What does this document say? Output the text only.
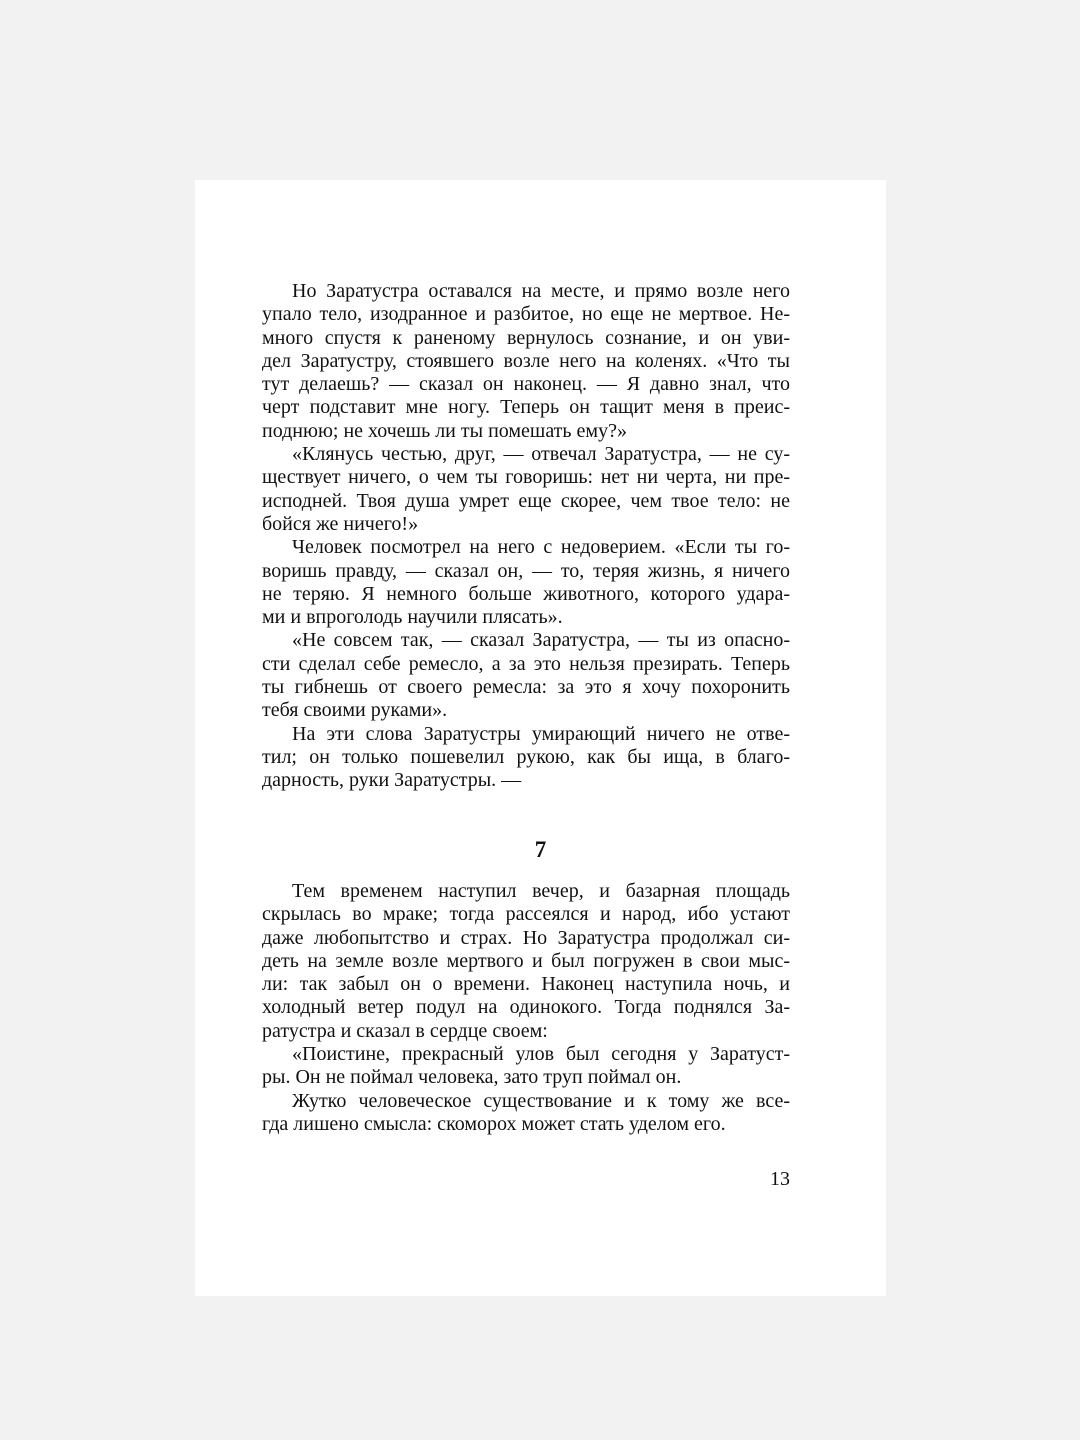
Но Заратустра оставался на месте, и прямо возле него
упало тело, изодранное и разбитое, но еще не мертвое. Не-
много спустя к раненому вернулось сознание, и он уви-
дел Заратустру, стоявшего возле него на коленях. «Что ты
тут делаешь? — сказал он наконец. — Я давно знал, что
черт подставит мне ногу. Теперь он тащит меня в преис-
поднюю; не хочешь ли ты помешать ему?»
«Клянусь честью, друг, — отвечал Заратустра, — не су-
ществует ничего, о чем ты говоришь: нет ни черта, ни пре-
исподней. Твоя душа умрет еще скорее, чем твое тело: не
бойся же ничего!»
Человек посмотрел на него с недоверием. «Если ты го-
воришь правду, — сказал он, — то, теряя жизнь, я ничего
не теряю. Я немного больше животного, которого удара-
ми и впроголодь научили плясать».
«Не совсем так, — сказал Заратустра, — ты из опасно-
сти сделал себе ремесло, а за это нельзя презирать. Теперь
ты гибнешь от своего ремесла: за это я хочу похоронить
тебя своими руками».
На эти слова Заратустры умирающий ничего не отве-
тил; он только пошевелил рукою, как бы ища, в благо-
дарность, руки Заратустры. —
7
Тем временем наступил вечер, и базарная площадь
скрылась во мраке; тогда рассеялся и народ, ибо устают
даже любопытство и страх. Но Заратустра продолжал си-
деть на земле возле мертвого и был погружен в свои мыс-
ли: так забыл он о времени. Наконец наступила ночь, и
холодный ветер подул на одинокого. Тогда поднялся За-
ратустра и сказал в сердце своем:
«Поистине, прекрасный улов был сегодня у Заратуст-
ры. Он не поймал человека, зато труп поймал он.
Жутко человеческое существование и к тому же все-
гда лишено смысла: скоморох может стать уделом его.
13
